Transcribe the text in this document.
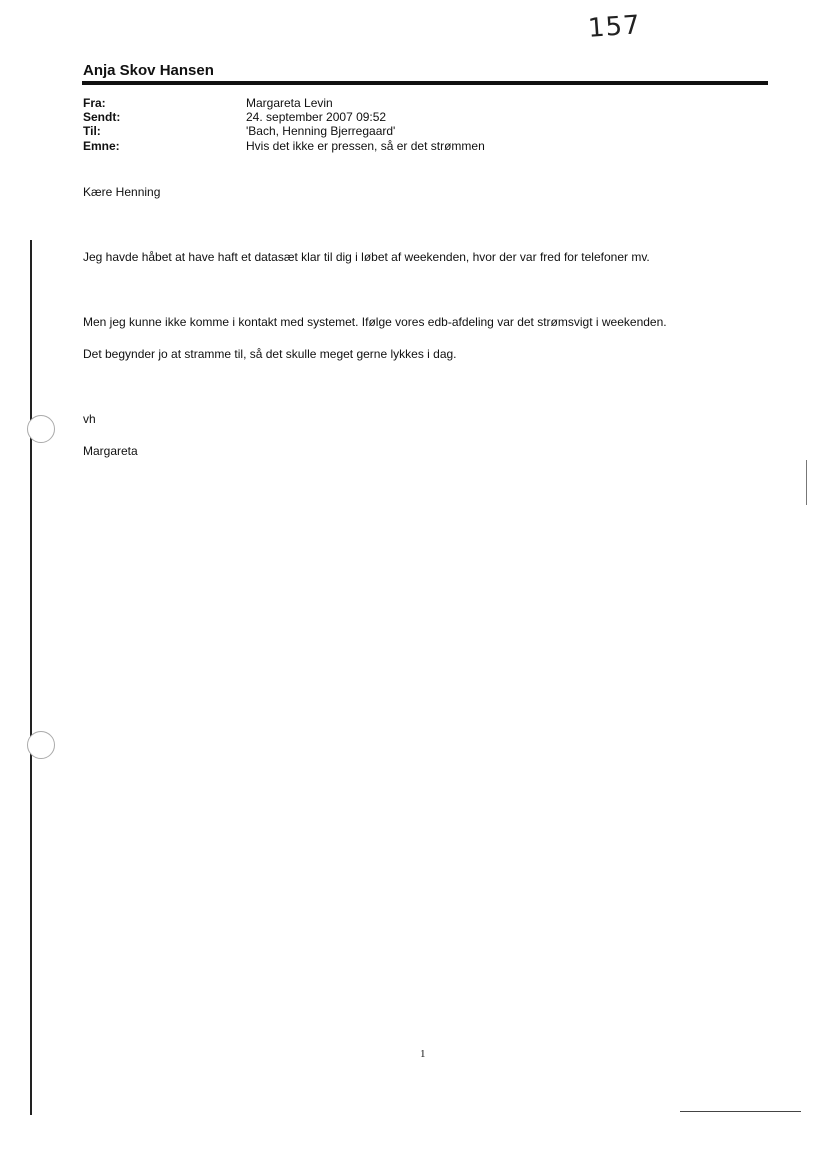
157
Anja Skov Hansen
Fra:	Margareta Levin
Sendt:	24. september 2007 09:52
Til:	'Bach, Henning Bjerregaard'
Emne:	Hvis det ikke er pressen, så er det strømmen
Kære Henning
Jeg havde håbet at have haft et datasæt klar til dig i løbet af weekenden, hvor der var fred for telefoner mv.
Men jeg kunne ikke komme i kontakt med systemet. Ifølge vores edb-afdeling var det strømsvigt i weekenden.
Det begynder jo at stramme til, så det skulle meget gerne lykkes i dag.
vh
Margareta
1
